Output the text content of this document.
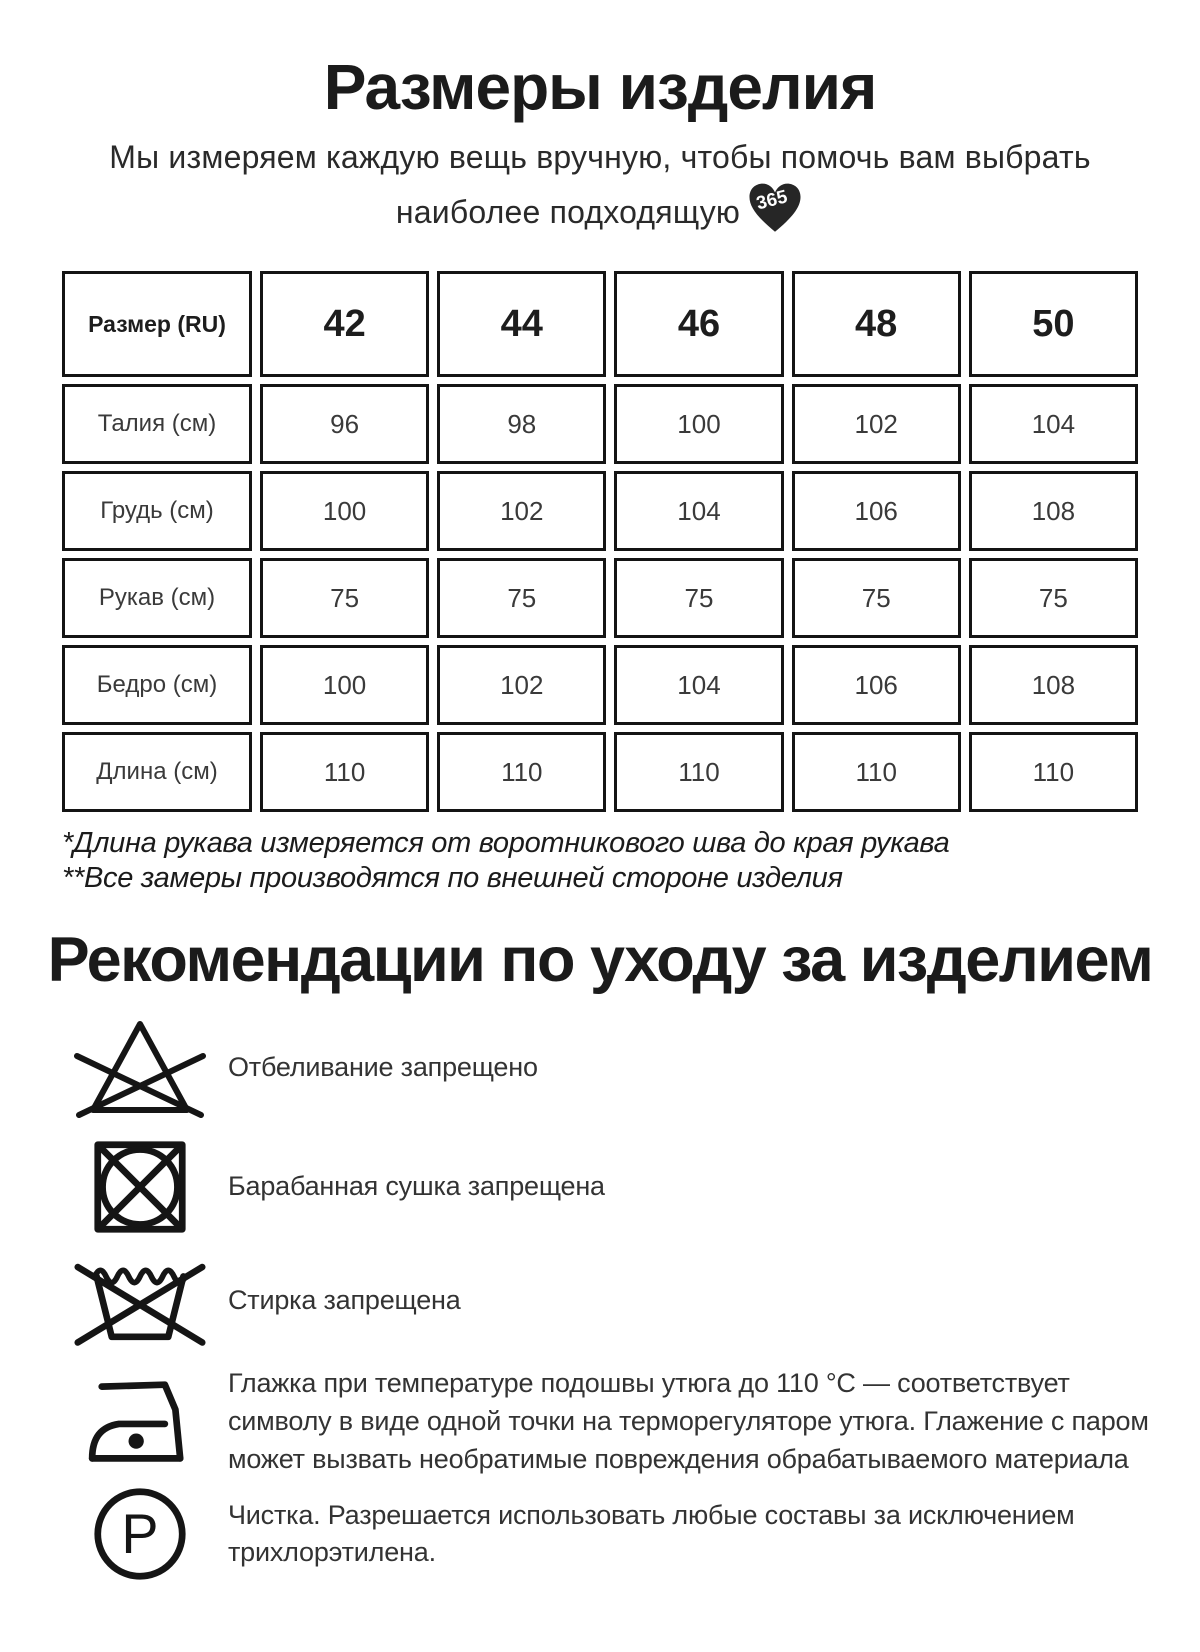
Размеры изделия
Мы измеряем каждую вещь вручную, чтобы помочь вам выбрать
наиболее подходящую 365
Размер (RU)	42	44	46	48	50
Талия (см)	96	98	100	102	104
Грудь (см)	100	102	104	106	108
Рукав (см)	75	75	75	75	75
Бедро (см)	100	102	104	106	108
Длина (см)	110	110	110	110	110
*Длина рукава измеряется от воротникового шва до края рукава
**Все замеры производятся по внешней стороне изделия
Рекомендации по уходу за изделием
Отбеливание запрещено
Барабанная сушка запрещена
Стирка запрещена
Глажка при температуре подошвы утюга до 110 °C — соответствует символу в виде одной точки на терморегуляторе утюга. Глажение с паром может вызвать необратимые повреждения обрабатываемого материала
P	Чистка. Разрешается использовать любые составы за исключением трихлорэтилена.
